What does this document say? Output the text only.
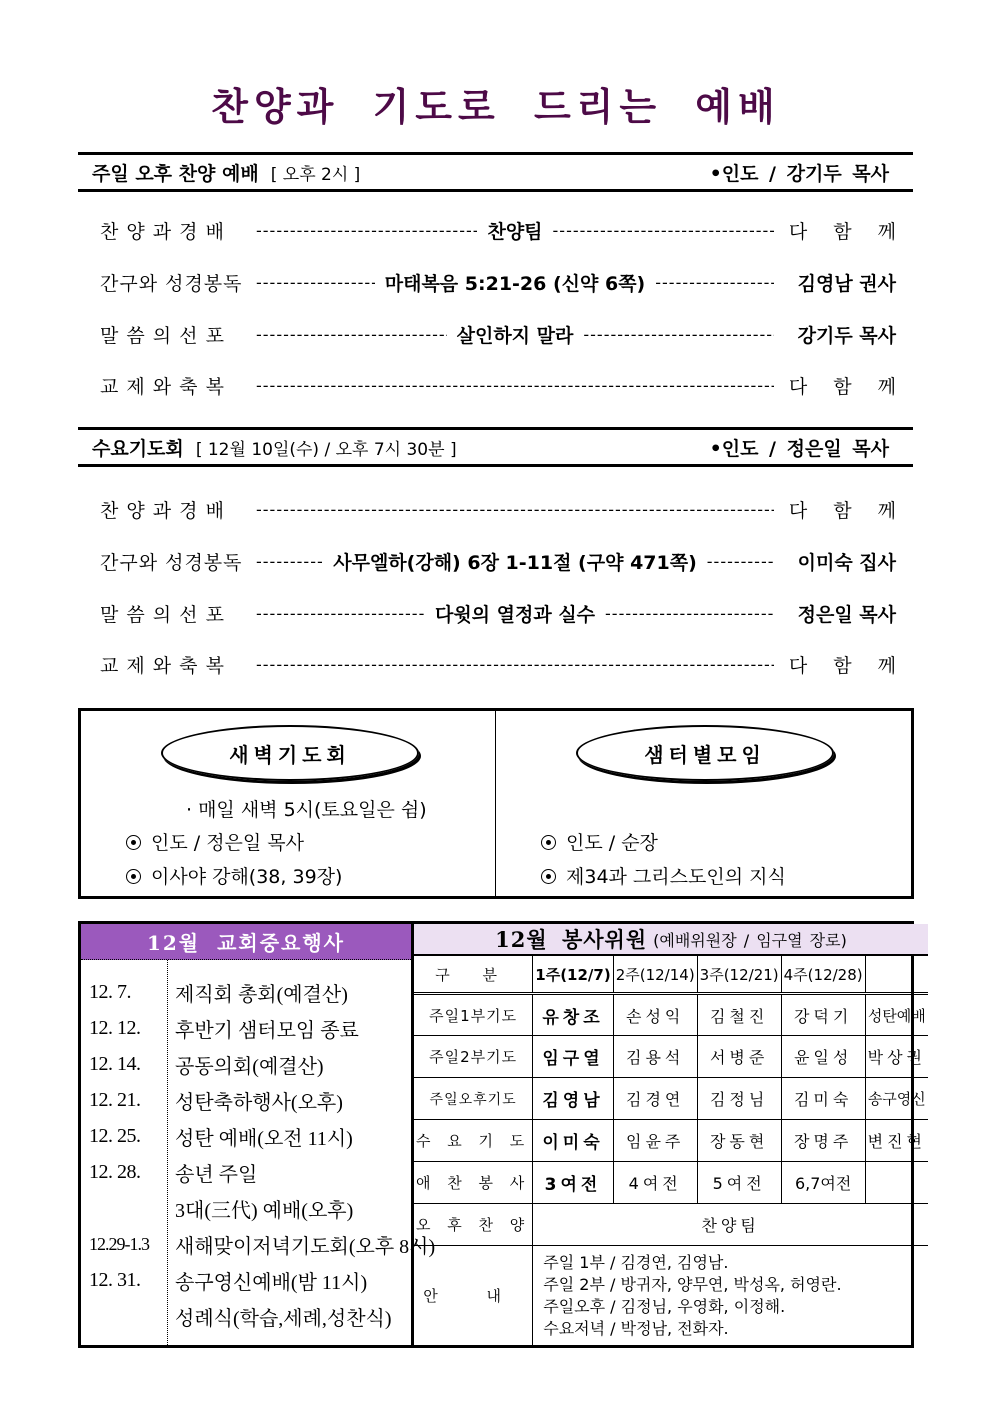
찬양과 기도로 드리는 예배
주일 오후 찬양 예배 [ 오후 2시 ]	•인도 / 강기두 목사
찬 양 과 경 배 -----	찬양팀 -----	다 함 께
간구와 성경봉독 -----	마태복음 5:21-26 (신약 6쪽) -----	김영남 권사
말 씀 의 선 포 -----	살인하지 말라 -----	강기두 목사
교 제 와 축 복 -----	다 함 께
수요기도회 [ 12월 10일(수) / 오후 7시 30분 ]	•인도 / 정은일 목사
찬 양 과 경 배 -----	다 함 께
간구와 성경봉독 -----	사무엘하(강해) 6장 1-11절 (구약 471쪽) -----	이미숙 집사
말 씀 의 선 포 -----	다윗의 열정과 실수 -----	정은일 목사
교 제 와 축 복 -----	다 함 께
새벽기도회
· 매일 새벽 5시(토요일은 쉼)
인도 / 정은일 목사
이사야 강해(38, 39장)
샘터별모임
인도 / 순장
제34과 그리스도인의 지식
12월 교회중요행사
12. 7.	제직회 총회(예결산)
12. 12.	후반기 샘터모임 종료
12. 14.	공동의회(예결산)
12. 21.	성탄축하행사(오후)
12. 25.	성탄 예배(오전 11시)
12. 28.	송년 주일
3대(三代) 예배(오후)
12.29-1.3	새해맞이저녁기도회(오후 8시)
12. 31.	송구영신예배(밤 11시)
성례식(학습,세례,성찬식)
12월 봉사위원 (예배위원장 / 임구열 장로)
구 분	1주(12/7)	2주(12/14)	3주(12/21)	4주(12/28)	
주일1부기도	유창조	손성익	김철진	강덕기	성탄예배
주일2부기도	임구열	김용석	서병준	윤일성	박상권
주일오후기도	김영남	김경연	김정님	김미숙	송구영신
수 요 기 도	이미숙	임윤주	장동현	장명주	변진현
애 찬 봉 사	3여전	4여전	5여전	6,7여전	
오 후 찬 양	찬양팀				
안 내	주일 1부 / 김경연, 김영남.
주일 2부 / 방귀자, 양무연, 박성옥, 허영란.
주일오후 / 김정님, 우영화, 이정해.
수요저녁 / 박정남, 전화자.				
